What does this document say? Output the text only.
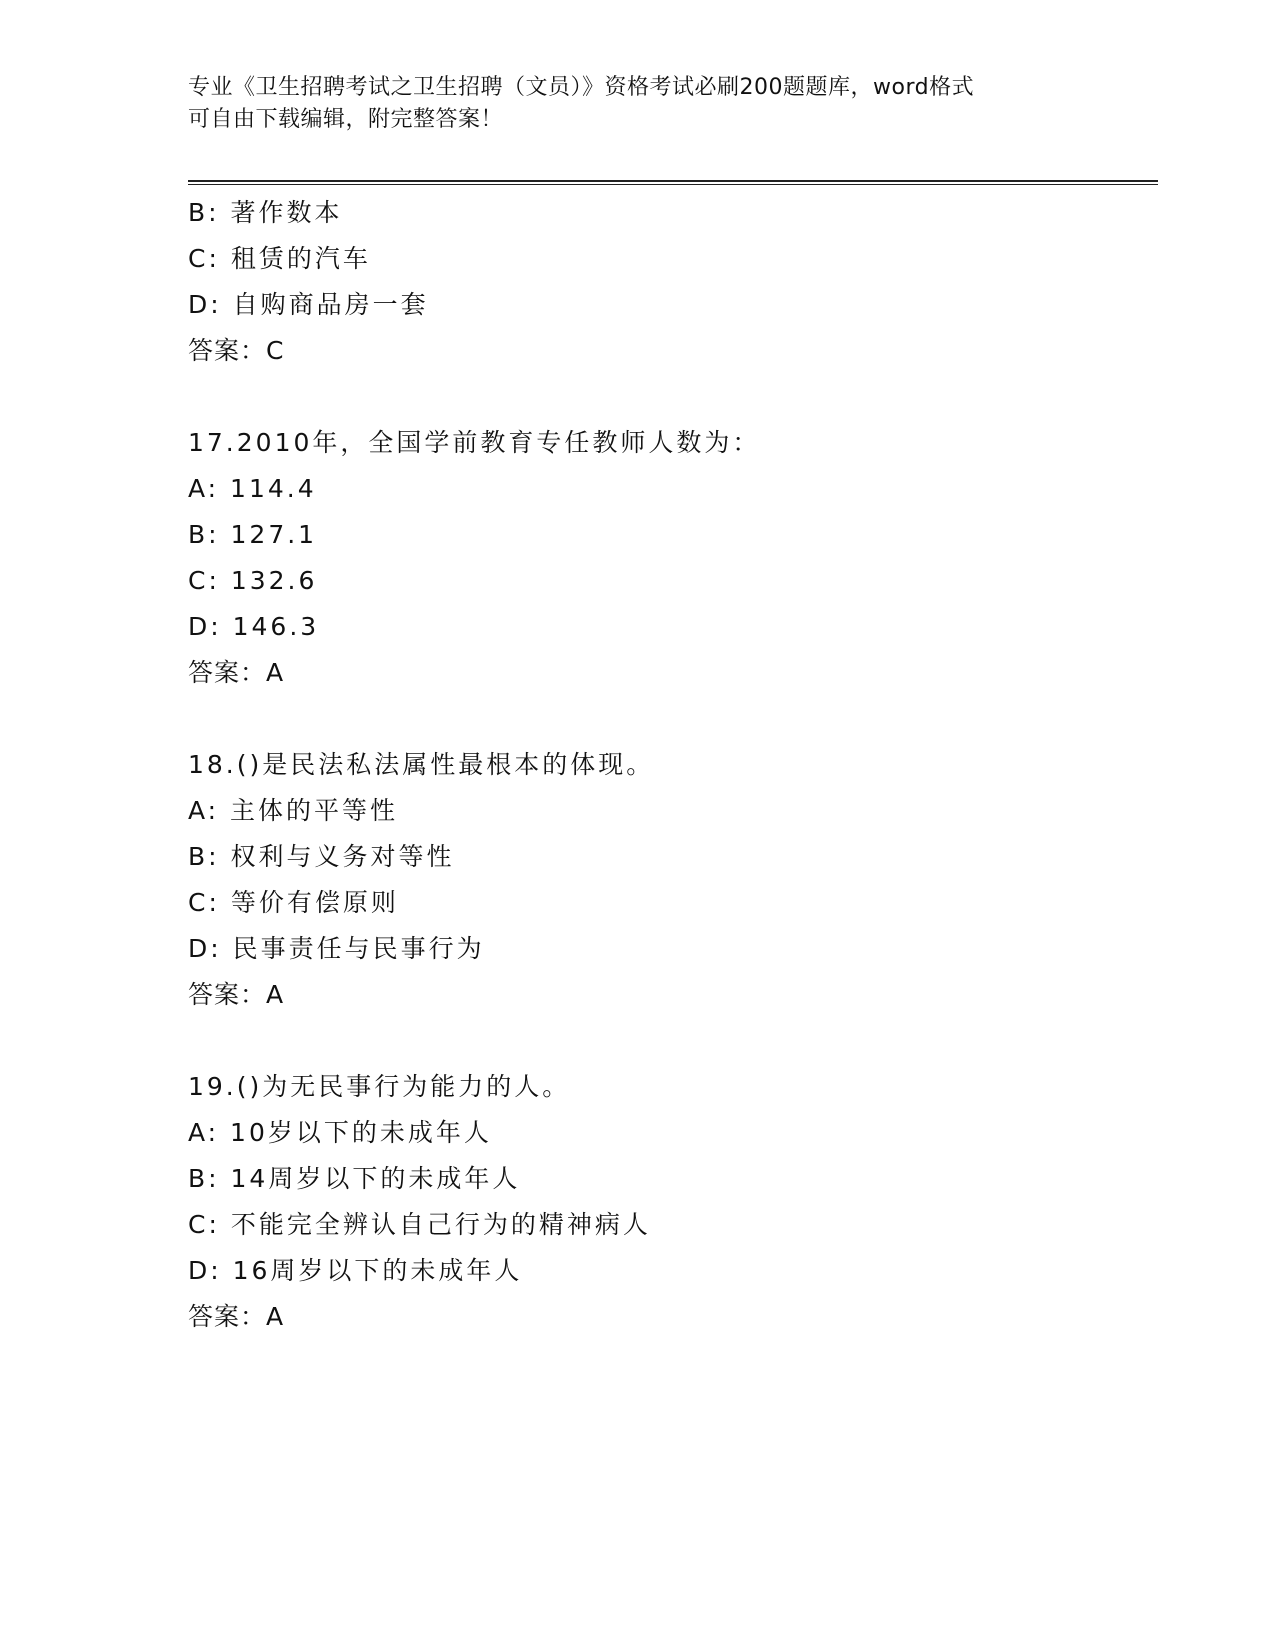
专业《卫生招聘考试之卫生招聘（文员）》资格考试必刷200题题库，word格式
可自由下载编辑，附完整答案！
B: 著作数本
C: 租赁的汽车
D: 自购商品房一套
答案：C
17.2010年，全国学前教育专任教师人数为：
A: 114.4
B: 127.1
C: 132.6
D: 146.3
答案：A
18.()是民法私法属性最根本的体现。
A: 主体的平等性
B: 权利与义务对等性
C: 等价有偿原则
D: 民事责任与民事行为
答案：A
19.()为无民事行为能力的人。
A: 10岁以下的未成年人
B: 14周岁以下的未成年人
C: 不能完全辨认自己行为的精神病人
D: 16周岁以下的未成年人
答案：A
